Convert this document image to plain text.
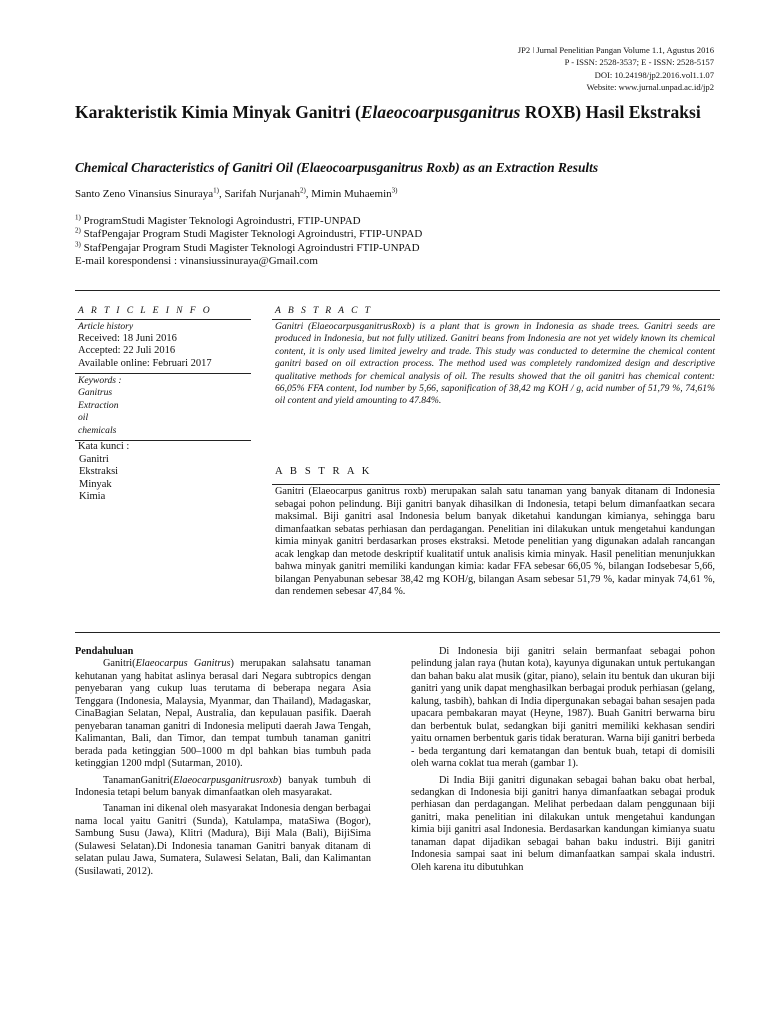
JP2 ǀ Jurnal Penelitian Pangan Volume 1.1, Agustus 2016
P - ISSN: 2528-3537; E - ISSN: 2528-5157
DOI: 10.24198/jp2.2016.vol1.1.07
Website: www.jurnal.unpad.ac.id/jp2
Karakteristik Kimia Minyak Ganitri (Elaeocoarpusganitrus ROXB) Hasil Ekstraksi
Chemical Characteristics of Ganitri Oil (Elaeocoarpusganitrus Roxb) as an Extraction Results
Santo Zeno Vinansius Sinuraya$^{1)}$, Sarifah Nurjanah$^{2)}$, Mimin Muhaemin$^{3)}$
$^{1)}$ ProgramStudi Magister Teknologi Agroindustri, FTIP-UNPAD
$^{2)}$ StafPengajar Program Studi Magister Teknologi Agroindustri, FTIP-UNPAD
$^{3)}$ StafPengajar Program Studi Magister Teknologi Agroindustri FTIP-UNPAD
E-mail korespondensi : vinansiussinuraya@Gmail.com
A R T I C L E I N F O
Article history
Received: 18 Juni 2016
Accepted: 22 Juli 2016
Available online: Februari 2017
Keywords :
Ganitrus
Extraction
oil
chemicals
Kata kunci :
Ganitri
Ekstraksi
Minyak
Kimia
A B S T R A C T
Ganitri (ElaeocarpusganitrusRoxb) is a plant that is grown in Indonesia as shade trees. Ganitri seeds are produced in Indonesia, but not fully utilized. Ganitri beans from Indonesia are not yet widely known its chemical content, it is only used limited jewelry and trade. This study was conducted to determine the chemical content ganitri based on oil extraction process. The method used was completely randomized design and descriptive qualitative methods for chemical analysis of oil. The results showed that the oil ganitri has chemical content: 66,05% FFA content, Iod number by 5,66, saponification of 38,42 mg KOH / g, acid number of 51,79 %, 74,61% oil content and yield amounting to 47.84%.
A B S T R A K
Ganitri (Elaeocarpus ganitrus roxb) merupakan salah satu tanaman yang banyak ditanam di Indonesia sebagai pohon pelindung. Biji ganitri banyak dihasilkan di Indonesia, tetapi belum dimanfaatkan secara maksimal. Biji ganitri asal Indonesia belum banyak diketahui kandungan kimianya, sehingga baru dimanfaatkan sebatas perhiasan dan perdagangan. Penelitian ini dilakukan untuk mengetahui kandungan kimia minyak ganitri berdasarkan proses ekstraksi. Metode penelitian yang digunakan adalah rancangan acak lengkap dan metode deskriptif kualitatif untuk analisis kimia minyak. Hasil penelitian menunjukkan bahwa minyak ganitri memiliki kandungan kimia: kadar FFA sebesar 66,05 %, bilangan Iodsebesar 5,66, bilangan Penyabunan sebesar 38,42 mg KOH/g, bilangan Asam sebesar 51,79 %, kadar minyak 74,61 %, dan rendemen sebesar 47,84 %.

Pendahuluan

Ganitri(Elaeocarpus Ganitrus) merupakan salahsatu tanaman kehutanan yang habitat aslinya berasal dari Negara subtropics dengan penyebaran yang cukup luas terutama di beberapa negara Asia Tenggara (Indonesia, Malaysia, Myanmar, dan Thailand), Madagaskar, CinaBagian Selatan, Nepal, Australia, dan kepulauan pasifik. Daerah penyebaran tanaman ganitri di Indonesia meliputi daerah Jawa Tengah, Kalimantan, Bali, dan Timor, dan tempat tumbuh tanaman ganitri berada pada ketinggian 500–1000 m dpl bahkan bias tumbuh pada ketinggian 1200 mdpl (Sutarman, 2010).

TanamanGanitri(Elaeocarpusganitrusroxb) banyak tumbuh di Indonesia tetapi belum banyak dimanfaatkan oleh masyarakat.

Tanaman ini dikenal oleh masyarakat Indonesia dengan berbagai nama local yaitu Ganitri (Sunda), Katulampa, mataSiwa (Bogor), Sambung Susu (Jawa), Klitri (Madura), Biji Mala (Bali), BijiSima (Sulawesi Selatan).Di Indonesia tanaman Ganitri banyak ditanam di selatan pulau Jawa, Sumatera, Sulawesi Selatan, Bali, dan Kalimantan (Susilawati, 2012).

Di Indonesia biji ganitri selain bermanfaat sebagai pohon pelindung jalan raya (hutan kota), kayunya digunakan untuk pertukangan dan bahan baku alat musik (gitar, piano), selain itu bentuk dan ukuran biji ganitri yang unik dapat menghasilkan berbagai produk perhiasan (gelang, kalung, tasbih), bahkan di India dipergunakan sebagai bahan sesajen pada upacara pembakaran mayat (Heyne, 1987). Buah Ganitri berwarna biru dan berbentuk bulat, sedangkan biji ganitri memiliki kekhasan sendiri yaitu ornamen berbentuk garis tidak beraturan. Warna biji ganitri berbeda - beda tergantung dari kematangan dan bentuk buah, tetapi di domisili oleh warna coklat tua merah (gambar 1).

Di India Biji ganitri digunakan sebagai bahan baku obat herbal, sedangkan di Indonesia biji ganitri hanya dimanfaatkan sebagai produk perhiasan dan perdagangan. Melihat perbedaan dalam penggunaan biji ganitri, maka penelitian ini dilakukan untuk mengetahui kandungan kimia biji ganitri asal Indonesia. Berdasarkan kandungan kimianya suatu tanaman dapat dijadikan sebagai bahan baku industri. Biji ganitri Indonesia sampai saat ini belum dimanfaatkan sampai skala industri. Oleh karena itu dibutuhkan
